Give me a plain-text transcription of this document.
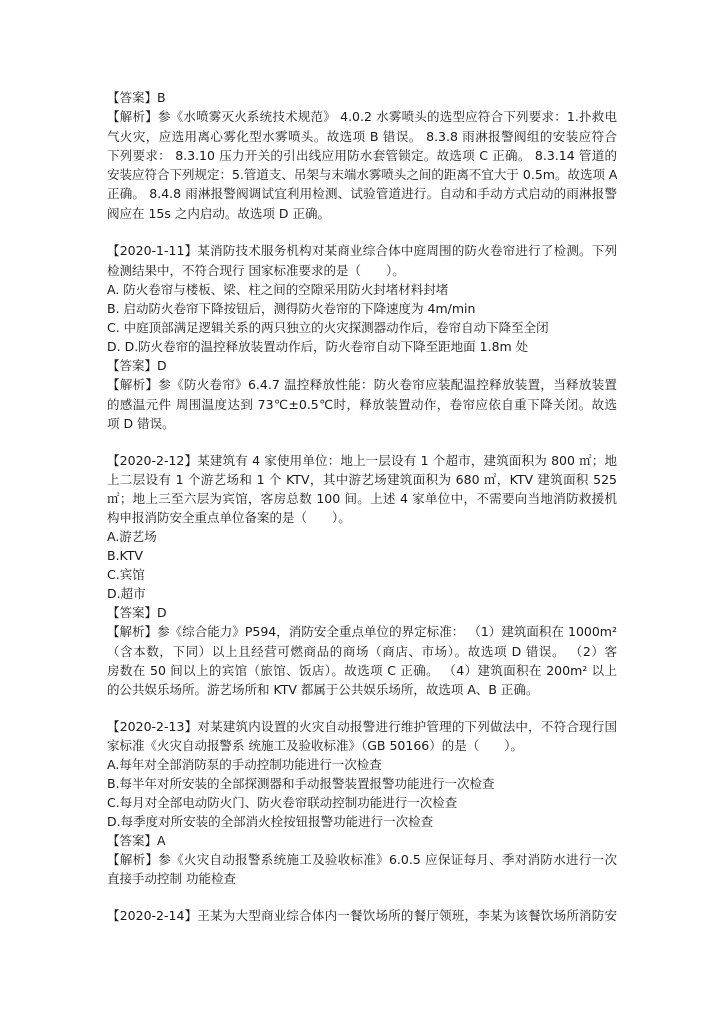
【答案】B
【解析】参《水喷雾灭火系统技术规范》 4.0.2 水雾喷头的选型应符合下列要求：1.扑救电
气火灾，应选用离心雾化型水雾喷头。故选项 B 错误。 8.3.8 雨淋报警阀组的安装应符合
下列要求： 8.3.10 压力开关的引出线应用防水套管锁定。故选项 C 正确。 8.3.14 管道的
安装应符合下列规定：5.管道支、吊架与末端水雾喷头之间的距离不宜大于 0.5m。故选项 A
正确。 8.4.8 雨淋报警阀调试宜利用检测、试验管道进行。自动和手动方式启动的雨淋报警
阀应在 15s 之内启动。故选项 D 正确。
【2020-1-11】某消防技术服务机构对某商业综合体中庭周围的防火卷帘进行了检测。下列
检测结果中，不符合现行 国家标准要求的是（　　）。
A. 防火卷帘与楼板、梁、柱之间的空隙采用防火封堵材料封堵
B. 启动防火卷帘下降按钮后，测得防火卷帘的下降速度为 4m/min
C. 中庭顶部满足逻辑关系的两只独立的火灾探测器动作后，卷帘自动下降至全闭
D. D.防火卷帘的温控释放装置动作后，防火卷帘自动下降至距地面 1.8m 处
【答案】D
【解析】参《防火卷帘》6.4.7 温控释放性能：防火卷帘应装配温控释放装置，当释放装置
的感温元件 周围温度达到 73℃±0.5℃时，释放装置动作，卷帘应依自重下降关闭。故选
项 D 错误。
【2020-2-12】某建筑有 4 家使用单位：地上一层设有 1 个超市，建筑面积为 800 ㎡；地
上二层设有 1 个游艺场和 1 个 KTV，其中游艺场建筑面积为 680 ㎡，KTV 建筑面积 525
㎡；地上三至六层为宾馆，客房总数 100 间。上述 4 家单位中，不需要向当地消防救援机
构申报消防安全重点单位备案的是（　　）。
A.游艺场
B.KTV
C.宾馆
D.超市
【答案】D
【解析】参《综合能力》P594，消防安全重点单位的界定标准： （1）建筑面积在 1000m²
（含本数，下同）以上且经营可燃商品的商场（商店、市场）。故选项 D 错误。 （2）客
房数在 50 间以上的宾馆（旅馆、饭店）。故选项 C 正确。 （4）建筑面积在 200m² 以上
的公共娱乐场所。游艺场所和 KTV 都属于公共娱乐场所，故选项 A、B 正确。
【2020-2-13】对某建筑内设置的火灾自动报警进行维护管理的下列做法中，不符合现行国
家标准《火灾自动报警系 统施工及验收标准》（GB 50166）的是（　　）。
A.每年对全部消防泵的手动控制功能进行一次检查
B.每半年对所安装的全部探测器和手动报警装置报警功能进行一次检查
C.每月对全部电动防火门、防火卷帘联动控制功能进行一次检查
D.每季度对所安装的全部消火栓按钮报警功能进行一次检查
【答案】A
【解析】参《火灾自动报警系统施工及验收标准》6.0.5 应保证每月、季对消防水进行一次
直接手动控制 功能检查
【2020-2-14】王某为大型商业综合体内一餐饮场所的餐厅领班，李某为该餐饮场所消防安
